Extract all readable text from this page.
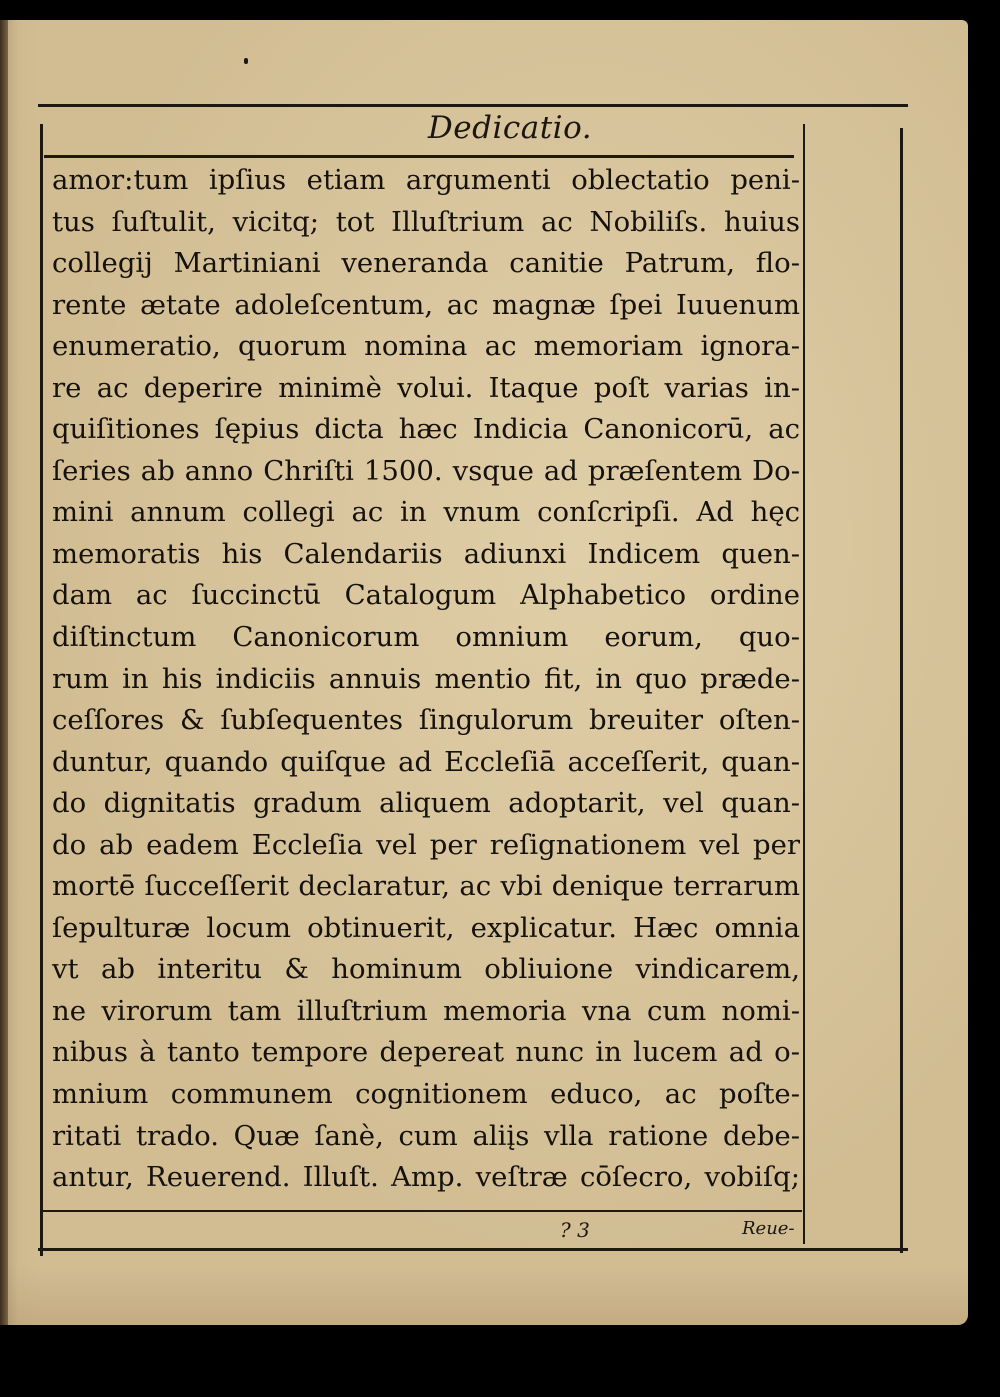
Dedicatio.
amor:tum ipſius etiam argumenti oblectatio peni-
tus ſuſtulit, vicitq; tot Illuſtrium ac Nobiliſs. huius
collegij Martiniani veneranda canitie Patrum, flo-
rente ætate adoleſcentum, ac magnæ ſpei Iuuenum
enumeratio, quorum nomina ac memoriam ignora-
re ac deperire minimè volui. Itaque poſt varias in-
quiſitiones ſępius dicta hæc Indicia Canonicorū, ac
ſeries ab anno Chriſti 1500. vsque ad præſentem Do-
mini annum collegi ac in vnum conſcripſi. Ad hęc
memoratis his Calendariis adiunxi Indicem quen-
dam ac ſuccinctū Catalogum Alphabetico ordine
diſtinctum Canonicorum omnium eorum, quo-
rum in his indiciis annuis mentio fit, in quo præde-
ceſſores & ſubſequentes ſingulorum breuiter oſten-
duntur, quando quiſque ad Eccleſiā acceſſerit, quan-
do dignitatis gradum aliquem adoptarit, vel quan-
do ab eadem Eccleſia vel per reſignationem vel per
mortē ſucceſſerit declaratur, ac vbi denique terrarum
ſepulturæ locum obtinuerit, explicatur. Hæc omnia
vt ab interitu & hominum obliuione vindicarem,
ne virorum tam illuſtrium memoria vna cum nomi-
nibus à tanto tempore depereat nunc in lucem ad o-
mnium communem cognitionem educo, ac poſte-
ritati trado. Quæ ſanè, cum aliįs vlla ratione debe-
antur, Reuerend. Illuſt. Amp. veſtræ cōſecro, vobiſq;
? 3	Reue-
